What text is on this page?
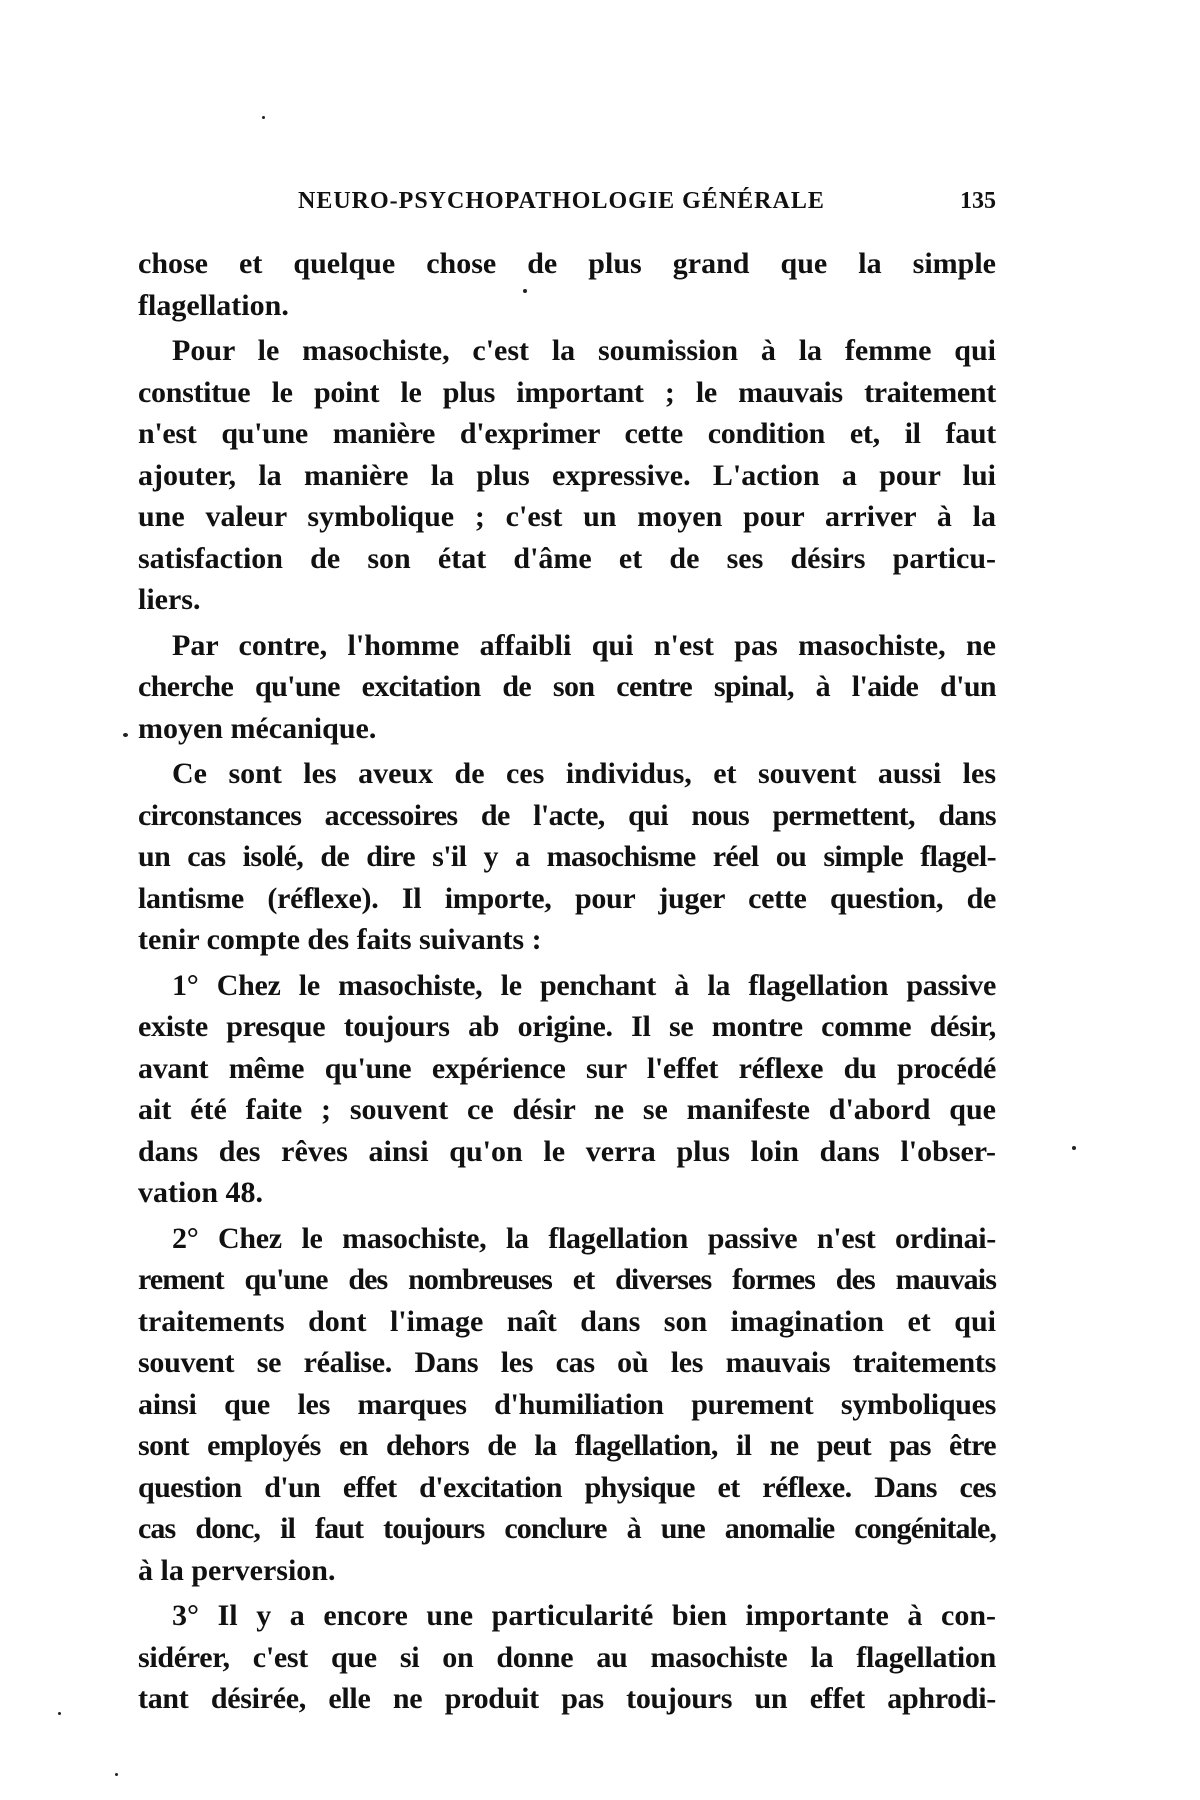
NEURO-PSYCHOPATHOLOGIE GÉNÉRALE	135
chose et quelque chose de plus grand que la simple
flagellation.
Pour le masochiste, c'est la soumission à la femme qui
constitue le point le plus important ; le mauvais traitement
n'est qu'une manière d'exprimer cette condition et, il faut
ajouter, la manière la plus expressive. L'action a pour lui
une valeur symbolique ; c'est un moyen pour arriver à la
satisfaction de son état d'âme et de ses désirs particu-
liers.
Par contre, l'homme affaibli qui n'est pas masochiste, ne
cherche qu'une excitation de son centre spinal, à l'aide d'un
moyen mécanique.
Ce sont les aveux de ces individus, et souvent aussi les
circonstances accessoires de l'acte, qui nous permettent, dans
un cas isolé, de dire s'il y a masochisme réel ou simple flagel-
lantisme (réflexe). Il importe, pour juger cette question, de
tenir compte des faits suivants :
1° Chez le masochiste, le penchant à la flagellation passive
existe presque toujours ab origine. Il se montre comme désir,
avant même qu'une expérience sur l'effet réflexe du procédé
ait été faite ; souvent ce désir ne se manifeste d'abord que
dans des rêves ainsi qu'on le verra plus loin dans l'obser-
vation 48.
2° Chez le masochiste, la flagellation passive n'est ordinai-
rement qu'une des nombreuses et diverses formes des mauvais
traitements dont l'image naît dans son imagination et qui
souvent se réalise. Dans les cas où les mauvais traitements
ainsi que les marques d'humiliation purement symboliques
sont employés en dehors de la flagellation, il ne peut pas être
question d'un effet d'excitation physique et réflexe. Dans ces
cas donc, il faut toujours conclure à une anomalie congénitale,
à la perversion.
3° Il y a encore une particularité bien importante à con-
sidérer, c'est que si on donne au masochiste la flagellation
tant désirée, elle ne produit pas toujours un effet aphrodi-
